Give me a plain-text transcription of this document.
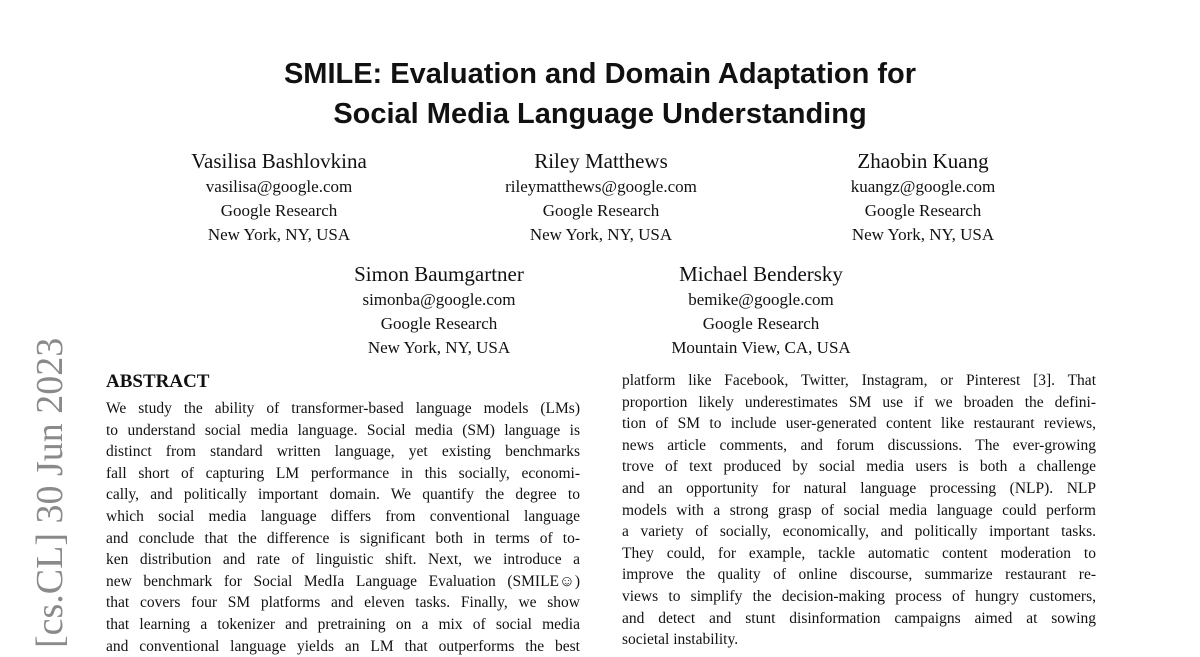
[cs.CL] 30 Jun 2023
SMILE: Evaluation and Domain Adaptation for
Social Media Language Understanding
Vasilisa Bashlovkina
vasilisa@google.com
Google Research
New York, NY, USA
Riley Matthews
rileymatthews@google.com
Google Research
New York, NY, USA
Zhaobin Kuang
kuangz@google.com
Google Research
New York, NY, USA
Simon Baumgartner
simonba@google.com
Google Research
New York, NY, USA
Michael Bendersky
bemike@google.com
Google Research
Mountain View, CA, USA
ABSTRACT
We study the ability of transformer-based language models (LMs)
to understand social media language. Social media (SM) language is
distinct from standard written language, yet existing benchmarks
fall short of capturing LM performance in this socially, economi-
cally, and politically important domain. We quantify the degree to
which social media language differs from conventional language
and conclude that the difference is significant both in terms of to-
ken distribution and rate of linguistic shift. Next, we introduce a
new benchmark for Social MedIa Language Evaluation (SMILE☺)
that covers four SM platforms and eleven tasks. Finally, we show
that learning a tokenizer and pretraining on a mix of social media
and conventional language yields an LM that outperforms the best
platform like Facebook, Twitter, Instagram, or Pinterest [3]. That
proportion likely underestimates SM use if we broaden the defini-
tion of SM to include user-generated content like restaurant reviews,
news article comments, and forum discussions. The ever-growing
trove of text produced by social media users is both a challenge
and an opportunity for natural language processing (NLP). NLP
models with a strong grasp of social media language could perform
a variety of socially, economically, and politically important tasks.
They could, for example, tackle automatic content moderation to
improve the quality of online discourse, summarize restaurant re-
views to simplify the decision-making process of hungry customers,
and detect and stunt disinformation campaigns aimed at sowing
societal instability.
